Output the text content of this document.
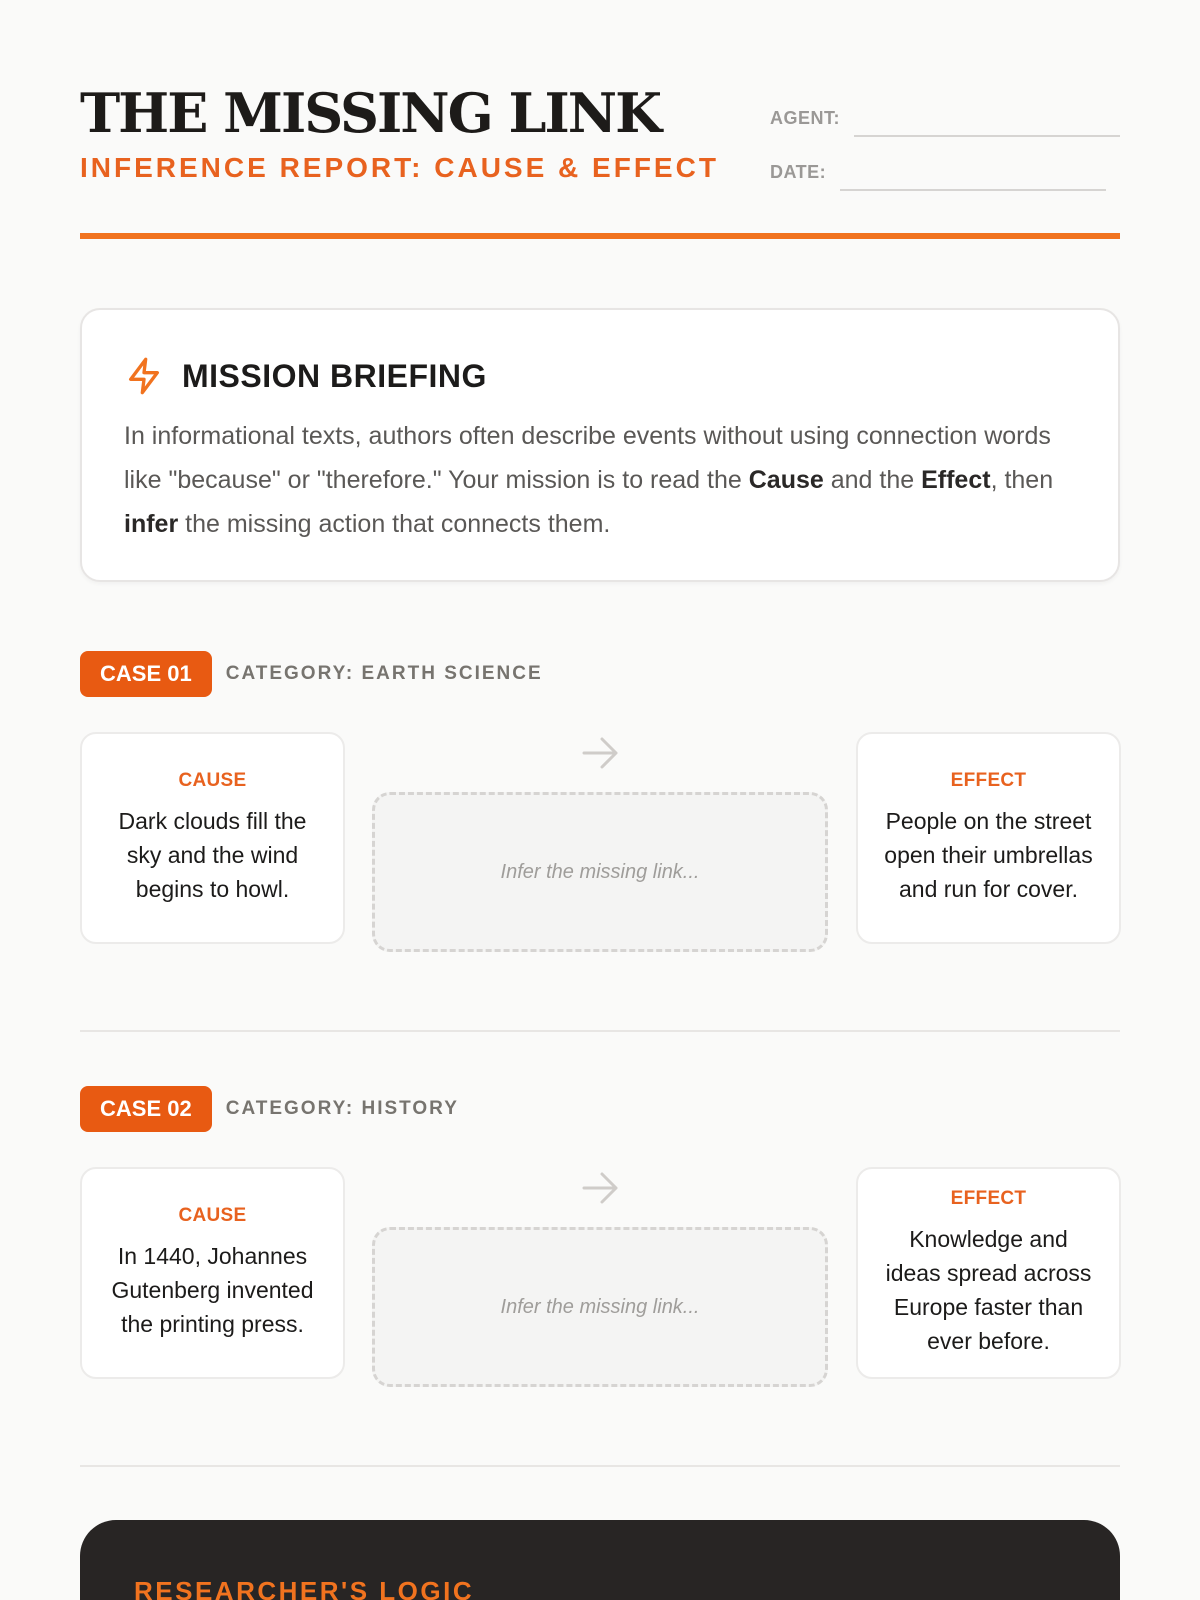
THE MISSING LINK
INFERENCE REPORT: CAUSE & EFFECT
AGENT:
DATE:
MISSION BRIEFING

In informational texts, authors often describe events without using connection words like "because" or "therefore." Your mission is to read the Cause and the Effect, then infer the missing action that connects them.

CASE 01	CATEGORY: EARTH SCIENCE
CAUSE
Dark clouds fill the sky and the wind begins to howl.
Infer the missing link...
EFFECT
People on the street open their umbrellas and run for cover.
CASE 02	CATEGORY: HISTORY
CAUSE
In 1440, Johannes Gutenberg invented the printing press.
Infer the missing link...
EFFECT
Knowledge and ideas spread across Europe faster than ever before.
RESEARCHER'S LOGIC
